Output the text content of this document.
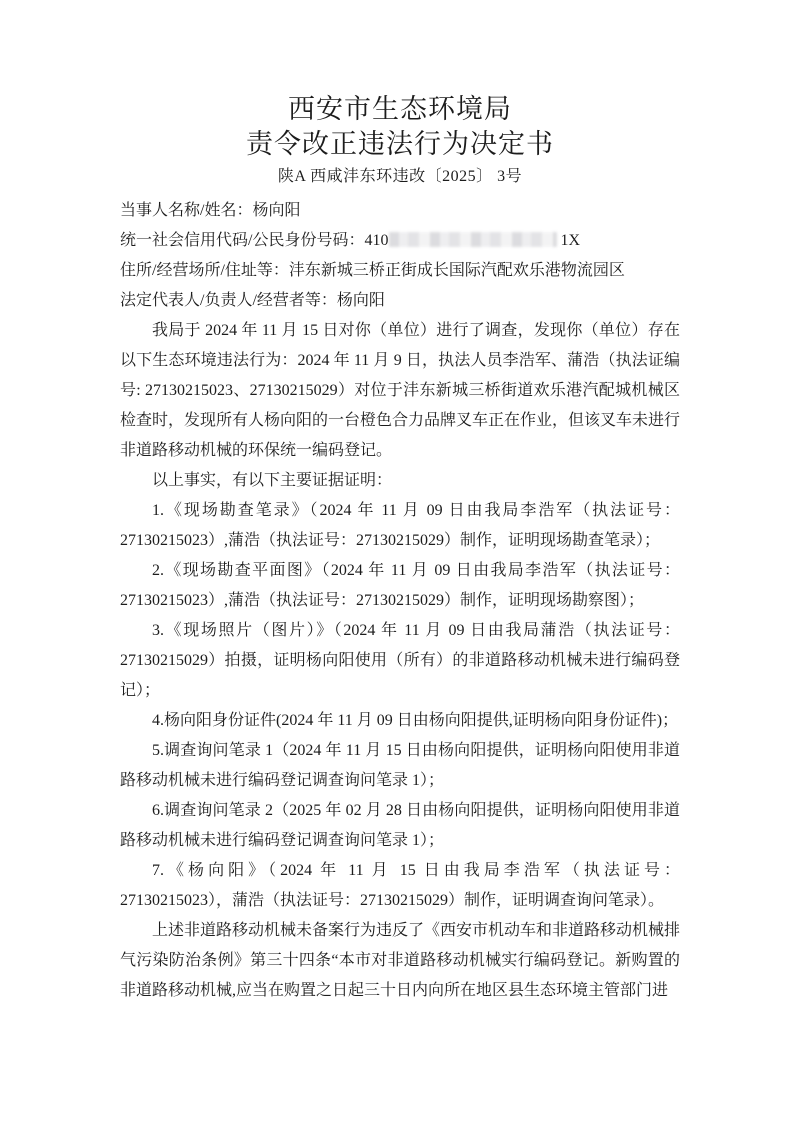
西安市生态环境局
责令改正违法行为决定书
陕A 西咸沣东环违改〔2025〕 3号

当事人名称/姓名：杨向阳

统一社会信用代码/公民身份号码：410	1X

住所/经营场所/住址等：沣东新城三桥正街成长国际汽配欢乐港物流园区

法定代表人/负责人/经营者等：杨向阳

我局于 2024 年 11 月 15 日对你（单位）进行了调查，发现你（单位）存在以下生态环境违法行为：2024 年 11 月 9 日，执法人员李浩军、蒲浩（执法证编号: 27130215023、27130215029）对位于沣东新城三桥街道欢乐港汽配城机械区检查时，发现所有人杨向阳的一台橙色合力品牌叉车正在作业，但该叉车未进行非道路移动机械的环保统一编码登记。

以上事实，有以下主要证据证明：

1.《现场勘查笔录》（2024 年 11 月 09 日由我局李浩军（执法证号：27130215023）,蒲浩（执法证号：27130215029）制作，证明现场勘查笔录）；

2.《现场勘查平面图》（2024 年 11 月 09 日由我局李浩军（执法证号：27130215023）,蒲浩（执法证号：27130215029）制作，证明现场勘察图）；

3.《现场照片（图片）》（2024 年 11 月 09 日由我局蒲浩（执法证号：27130215029）拍摄，证明杨向阳使用（所有）的非道路移动机械未进行编码登记）；

4.杨向阳身份证件(2024 年 11 月 09 日由杨向阳提供,证明杨向阳身份证件)；

5.调查询问笔录 1（2024 年 11 月 15 日由杨向阳提供，证明杨向阳使用非道路移动机械未进行编码登记调查询问笔录 1）；

6.调查询问笔录 2（2025 年 02 月 28 日由杨向阳提供，证明杨向阳使用非道路移动机械未进行编码登记调查询问笔录 1）；

7.《杨向阳》（2024 年 11 月 15 日由我局李浩军（执法证号：27130215023），蒲浩（执法证号：27130215029）制作，证明调查询问笔录）。

上述非道路移动机械未备案行为违反了《西安市机动车和非道路移动机械排气污染防治条例》第三十四条“本市对非道路移动机械实行编码登记。新购置的非道路移动机械,应当在购置之日起三十日内向所在地区县生态环境主管部门进
